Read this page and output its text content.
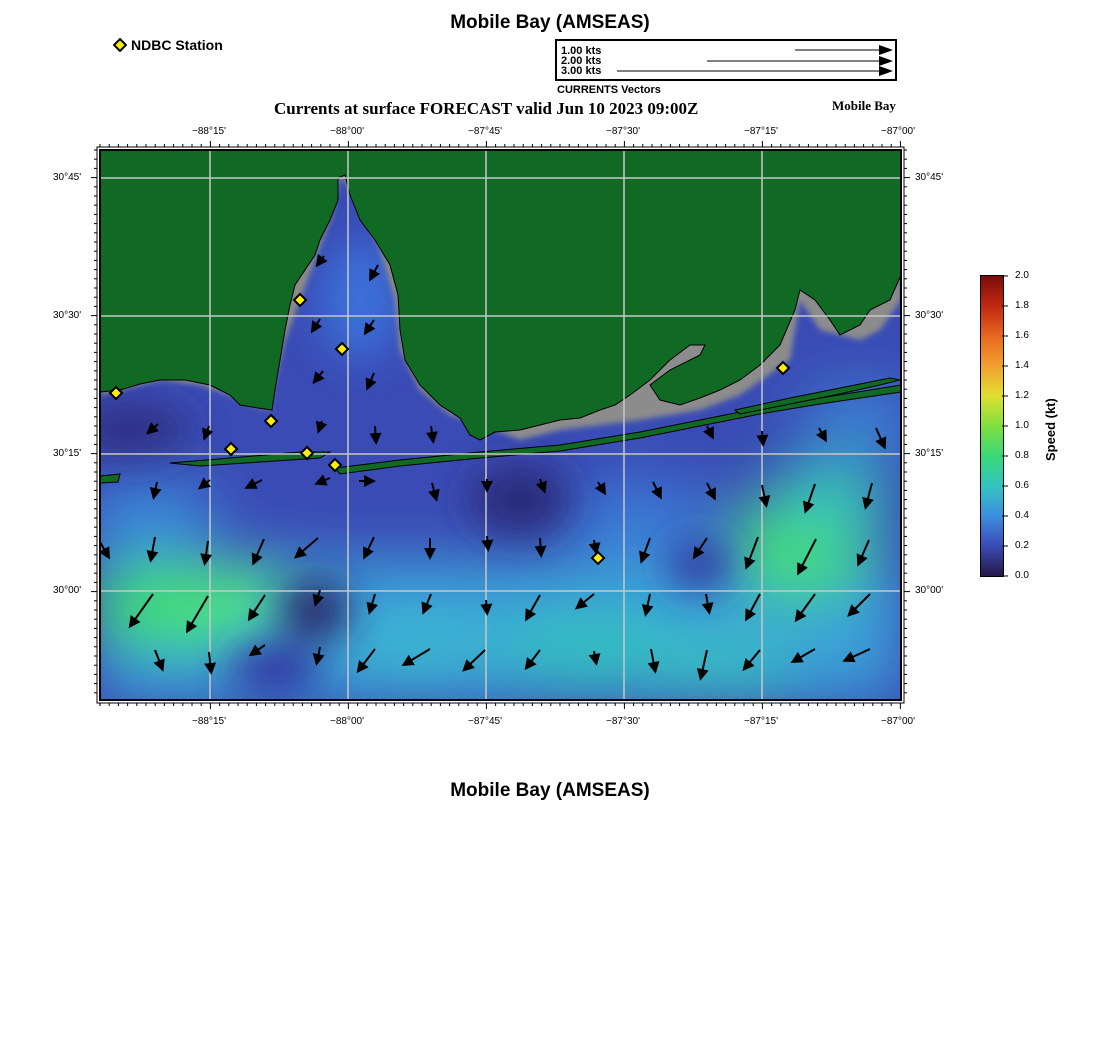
Mobile Bay (AMSEAS)
NDBC Station	1.00 kts
2.00 kts
3.00 kts
CURRENTS Vectors
Currents at surface FORECAST valid Jun 10 2023 09:00Z	Mobile Bay
−88°15'	−88°00'	−87°45'	−87°30'	−87°15'	−87°00'
−88°15'	−88°00'	−87°45'	−87°30'	−87°15'	−87°00'
30°45'
30°30'
30°15'
30°00'
30°45'
30°30'
30°15'
30°00'
2.0
1.8
1.6
1.4
1.2
1.0
0.8
0.6
0.4
0.2
0.0
Speed (kt)
Mobile Bay (AMSEAS)
